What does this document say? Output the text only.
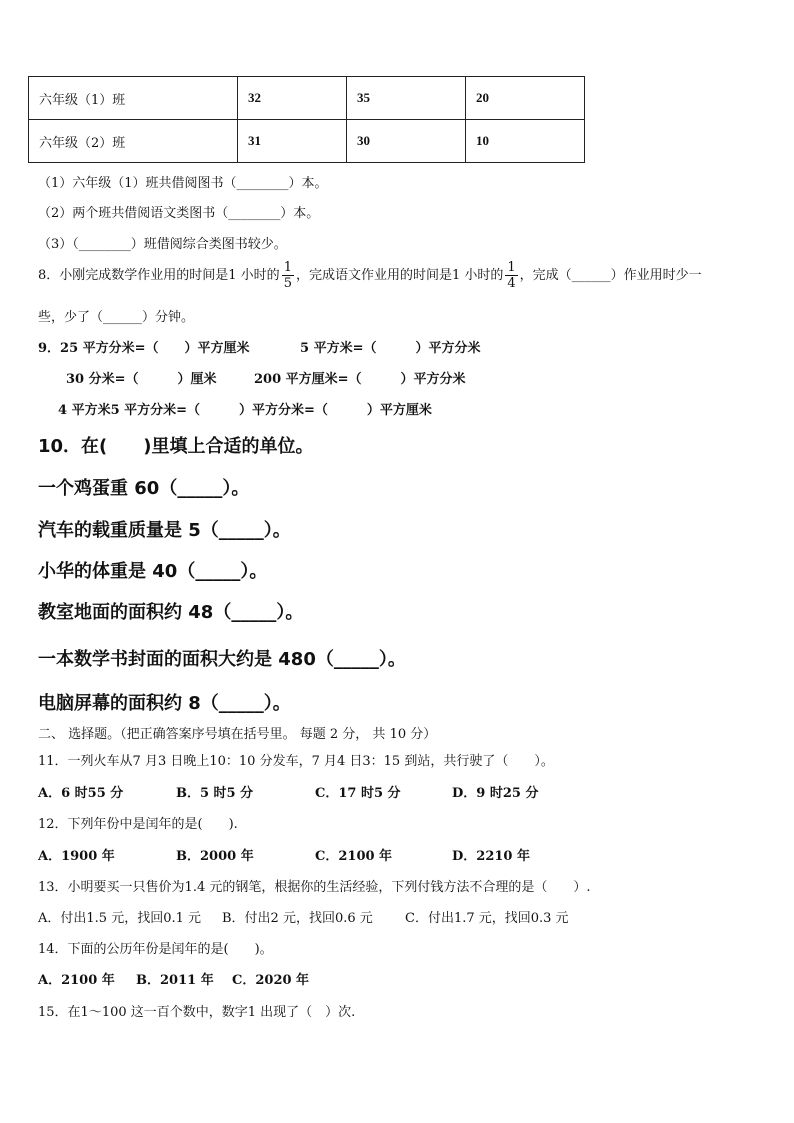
六年级（1）班	32	35	20
六年级（2）班	31	30	10
（1）六年级（1）班共借阅图书（________）本。
（2）两个班共借阅语文类图书（________）本。
（3）（________）班借阅综合类图书较少。
8．小刚完成数学作业用的时间是1 小时的 $\frac{1}{5}$ ，完成语文作业用的时间是1 小时的 $\frac{1}{4}$ ，完成（______）作业用时少一
些，少了（______）分钟。
9．25 平方分米=（　　）平方厘米	5 平方米=（　　　）平方分米
30 分米=（　　　）厘米	200 平方厘米=（　　　）平方分米
4 平方米5 平方分米=（　　　）平方分米=（　　　）平方厘米
10．在(　　)里填上合适的单位。
一个鸡蛋重 60（_____）。
汽车的载重质量是 5（_____）。
小华的体重是 40（_____）。
教室地面的面积约 48（_____）。
一本数学书封面的面积大约是 480（_____）。
电脑屏幕的面积约 8（_____）。
二、 选择题。（把正确答案序号填在括号里。 每题 2 分， 共 10 分）
11．一列火车从7 月3 日晚上10：10 分发车，7 月4 日3：15 到站，共行驶了（　　）。
A．6 时55 分	B．5 时5 分	C．17 时5 分	D．9 时25 分
12．下列年份中是闰年的是(　　).
A．1900 年	B．2000 年	C．2100 年	D．2210 年
13．小明要买一只售价为1.4 元的钢笔，根据你的生活经验，下列付钱方法不合理的是（　　）.
A．付出1.5 元，找回0.1 元 B．付出2 元，找回0.6 元 C．付出1.7 元，找回0.3 元
14．下面的公历年份是闰年的是(　　)。
A．2100 年 B．2011 年 C．2020 年
15．在1～100 这一百个数中，数字1 出现了（　）次.
